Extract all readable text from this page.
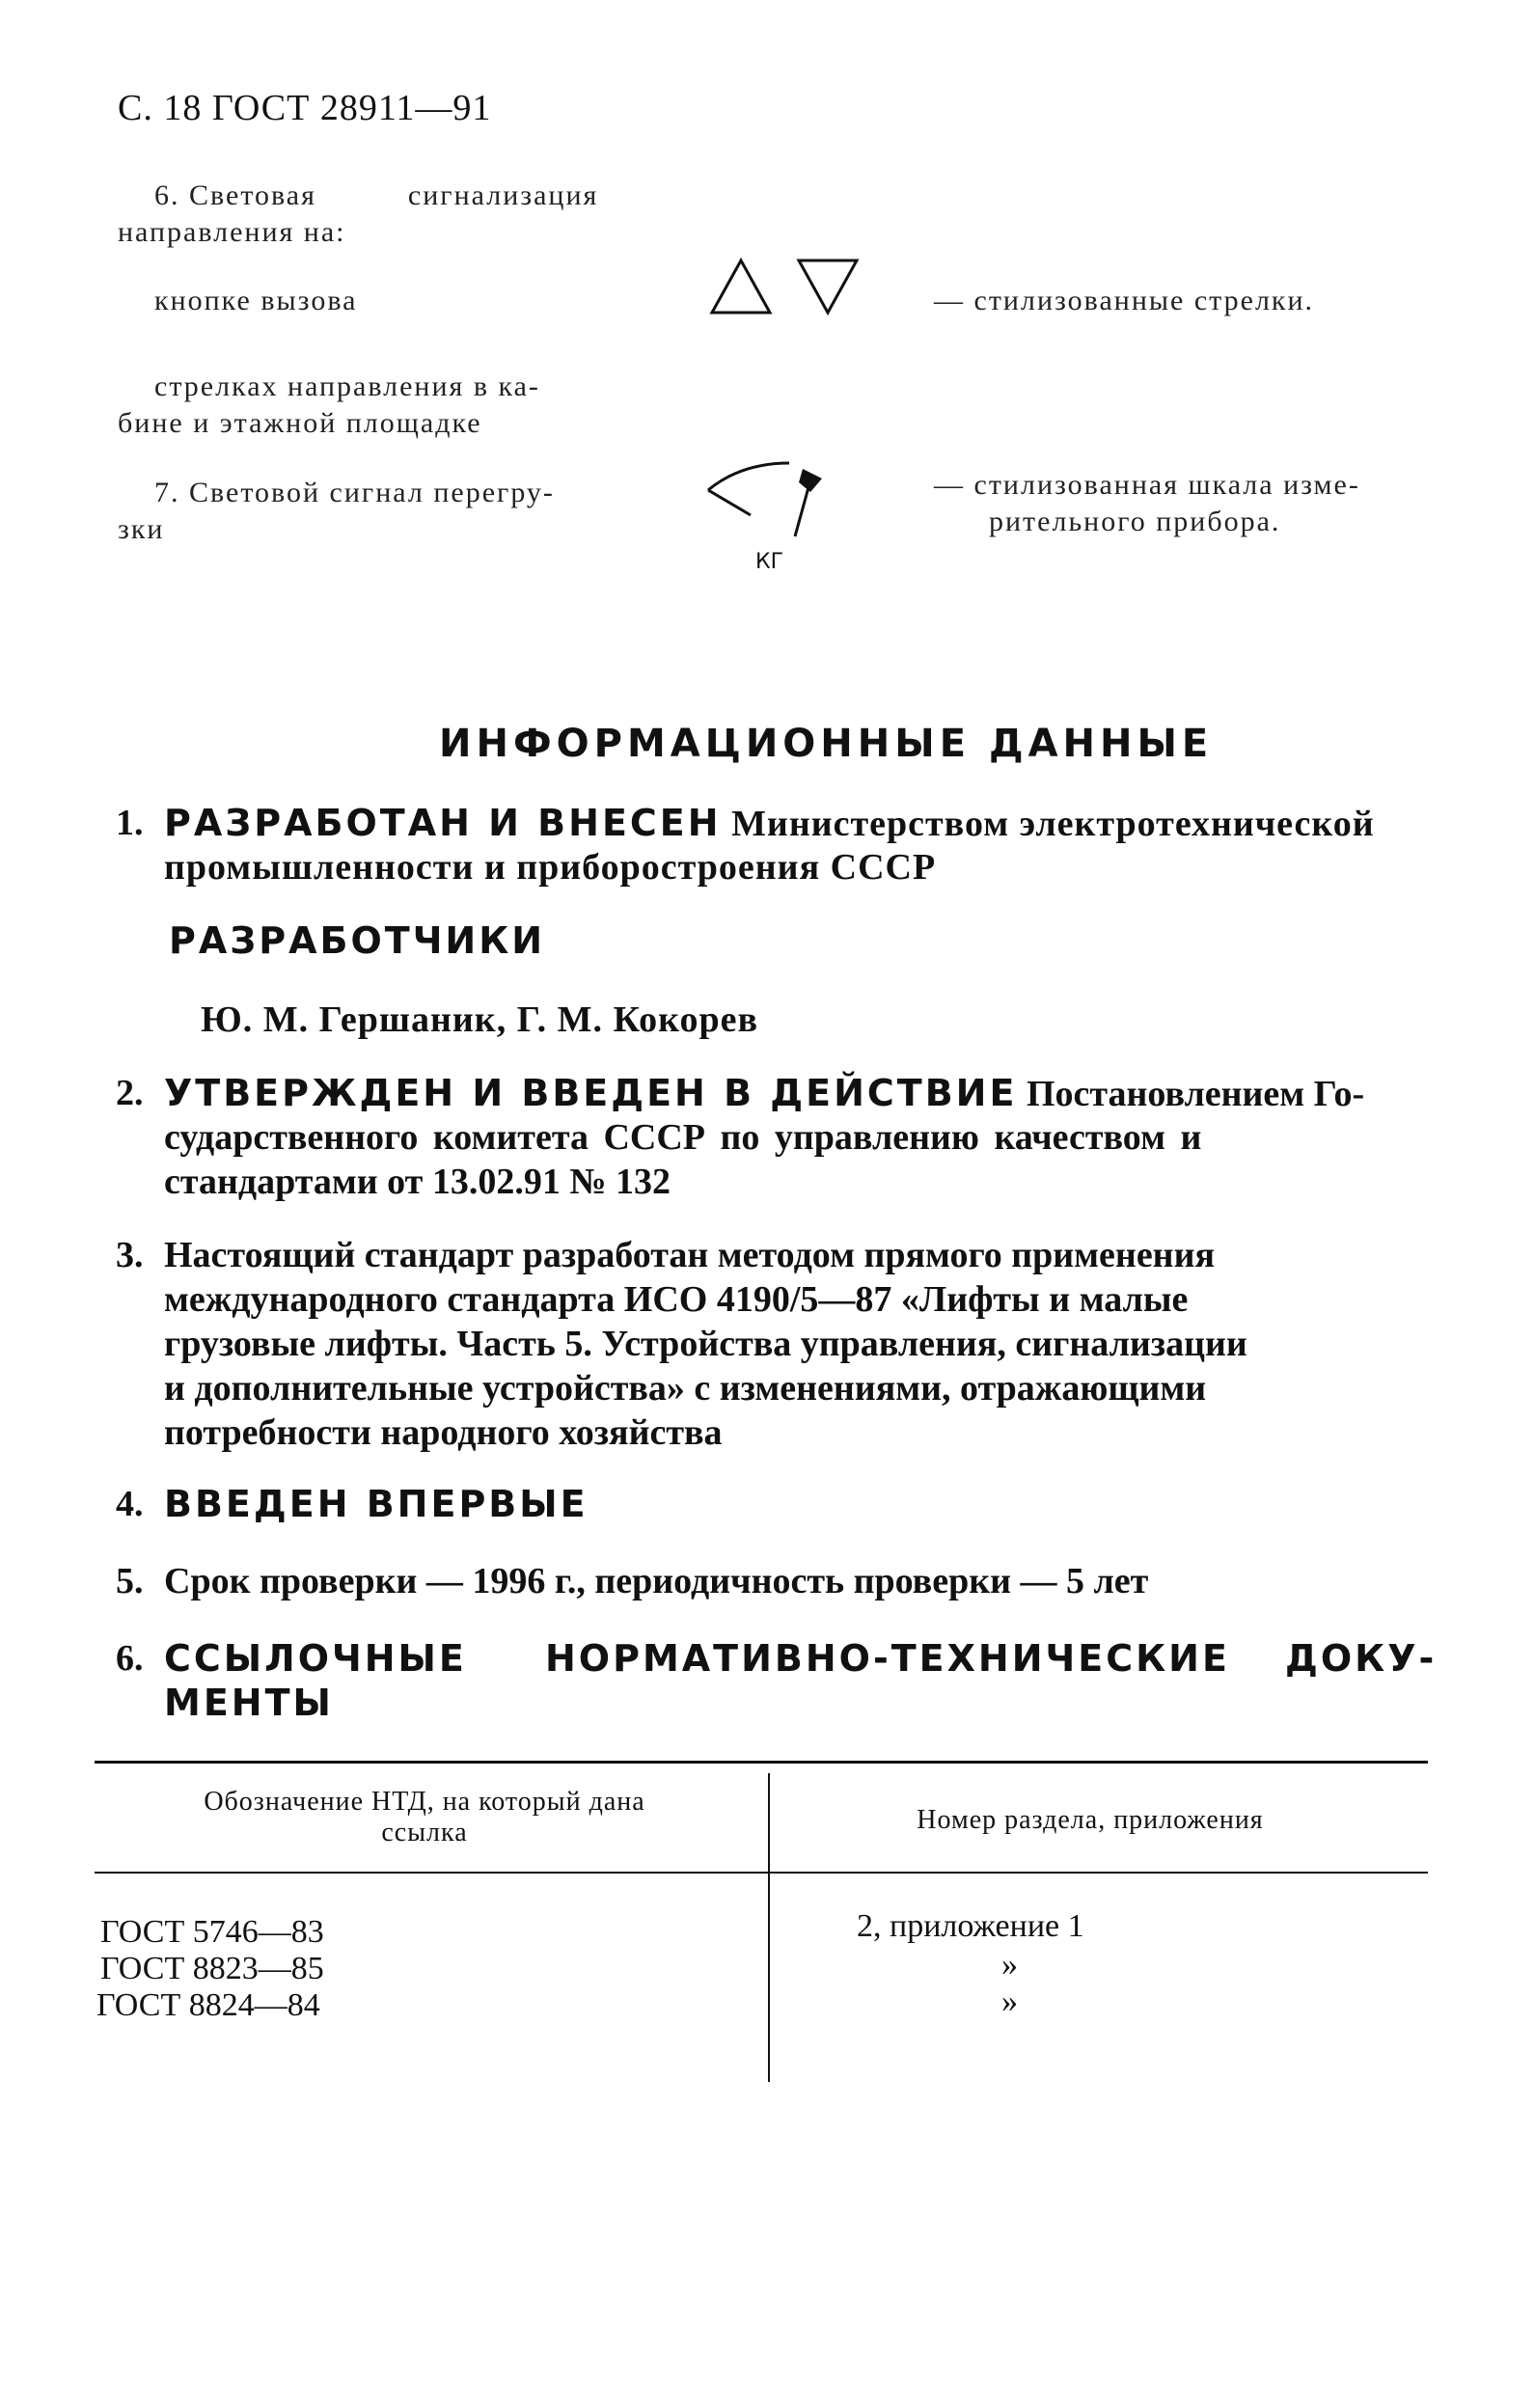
С. 18 ГОСТ 28911—91
6. Световая          сигнализация
направления на:
кнопке вызова	— стилизованные стрелки.
стрелках направления в ка-
бине и этажной площадке
7. Световой сигнал перегру-
зки
КГ
— стилизованная шкала изме-
рительного прибора.
ИНФОРМАЦИОННЫЕ ДАННЫЕ
1. РАЗРАБОТАН И ВНЕСЕН Министерством электротехнической
промышленности и приборостроения СССР
РАЗРАБОТЧИКИ
Ю. М. Гершаник, Г. М. Кокорев
2. УТВЕРЖДЕН И ВВЕДЕН В ДЕЙСТВИЕ Постановлением Го-
сударственного комитета СССР по управлению качеством и
стандартами от 13.02.91 № 132
3. Настоящий стандарт разработан методом прямого применения
международного стандарта ИСО 4190/5—87 «Лифты и малые
грузовые лифты. Часть 5. Устройства управления, сигнализации
и дополнительные устройства» с изменениями, отражающими
потребности народного хозяйства
4. ВВЕДЕН ВПЕРВЫЕ
5. Срок проверки — 1996 г., периодичность проверки — 5 лет
6. ССЫЛОЧНЫЕ НОРМАТИВНО-ТЕХНИЧЕСКИЕ ДОКУ-
МЕНТЫ
Обозначение НТД, на который дана
ссылка	Номер раздела, приложения
ГОСТ 5746—83
ГОСТ 8823—85
ГОСТ 8824—84
2, приложение 1
»
»
